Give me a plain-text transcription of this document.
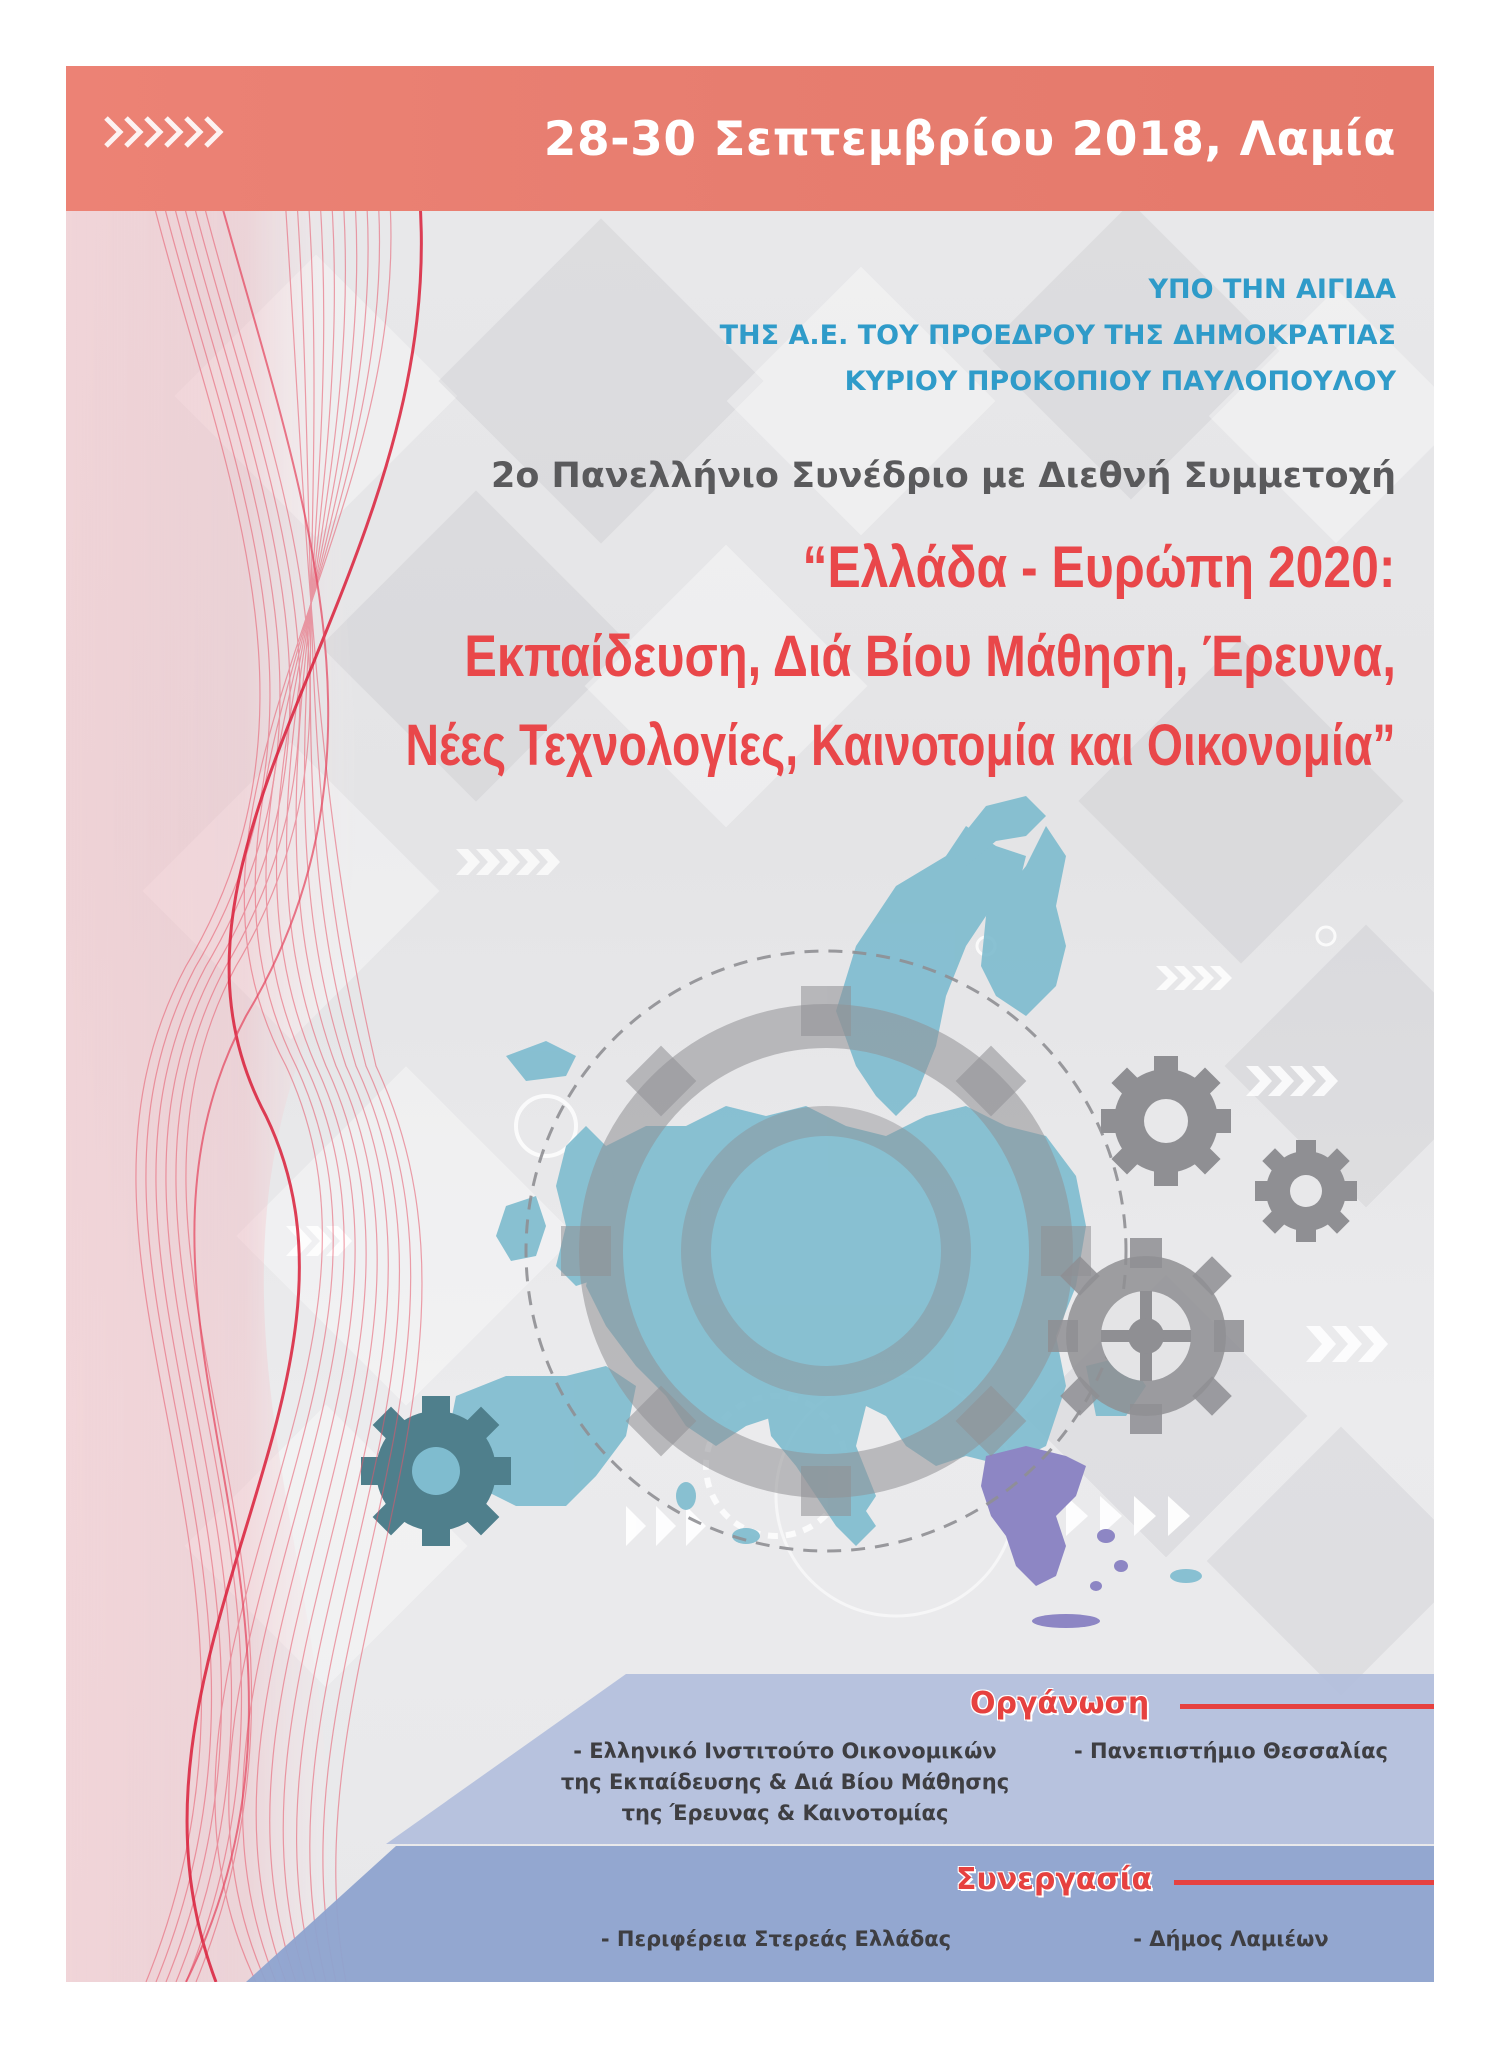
28-30 Σεπτεμβρίου 2018, Λαμία
ΥΠΟ ΤΗΝ ΑΙΓΙΔΑ
ΤΗΣ Α.Ε. ΤΟΥ ΠΡΟΕΔΡΟΥ ΤΗΣ ΔΗΜΟΚΡΑΤΙΑΣ
ΚΥΡΙΟΥ ΠΡΟΚΟΠΙΟΥ ΠΑΥΛΟΠΟΥΛΟΥ
2ο Πανελλήνιο Συνέδριο με Διεθνή Συμμετοχή
“Ελλάδα - Ευρώπη 2020:
Εκπαίδευση, Διά Βίου Μάθηση, Έρευνα,
Νέες Τεχνολογίες, Καινοτομία και Οικονομία”
Οργάνωση
- Ελληνικό Ινστιτούτο Οικονομικών
της Εκπαίδευσης & Διά Βίου Μάθησης
της Έρευνας & Καινοτομίας
- Πανεπιστήμιο Θεσσαλίας
Συνεργασία
- Περιφέρεια Στερεάς Ελλάδας	- Δήμος Λαμιέων
